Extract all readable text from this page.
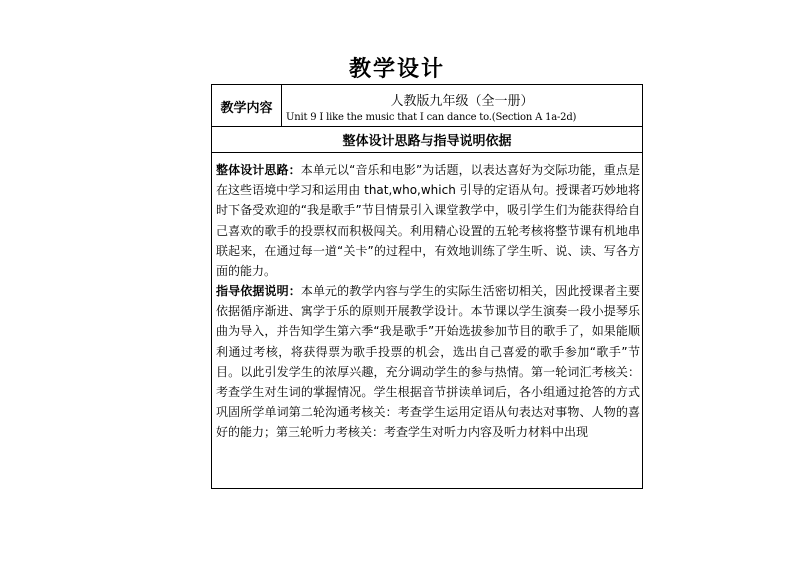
教学设计
教学内容	人教版九年级（全一册）
Unit 9 I like the music that I can dance to.(Section A 1a-2d)
整体设计思路与指导说明依据
整体设计思路：本单元以“音乐和电影”为话题，以表达喜好为交际功能，重点是在这些语境中学习和运用由 that,who,which 引导的定语从句。授课者巧妙地将时下备受欢迎的“我是歌手”节目情景引入课堂教学中，吸引学生们为能获得给自己喜欢的歌手的投票权而积极闯关。利用精心设置的五轮考核将整节课有机地串联起来，在通过每一道“关卡”的过程中，有效地训练了学生听、说、读、写各方面的能力。
指导依据说明：本单元的教学内容与学生的实际生活密切相关，因此授课者主要依据循序渐进、寓学于乐的原则开展教学设计。本节课以学生演奏一段小提琴乐曲为导入，并告知学生第六季“我是歌手”开始选拔参加节目的歌手了，如果能顺利通过考核，将获得票为歌手投票的机会，选出自己喜爱的歌手参加“歌手”节目。以此引发学生的浓厚兴趣，充分调动学生的参与热情。第一轮词汇考核关：考查学生对生词的掌握情况。学生根据音节拼读单词后，各小组通过抢答的方式巩固所学单词第二轮沟通考核关：考查学生运用定语从句表达对事物、人物的喜好的能力；第三轮听力考核关：考查学生对听力内容及听力材料中出现
